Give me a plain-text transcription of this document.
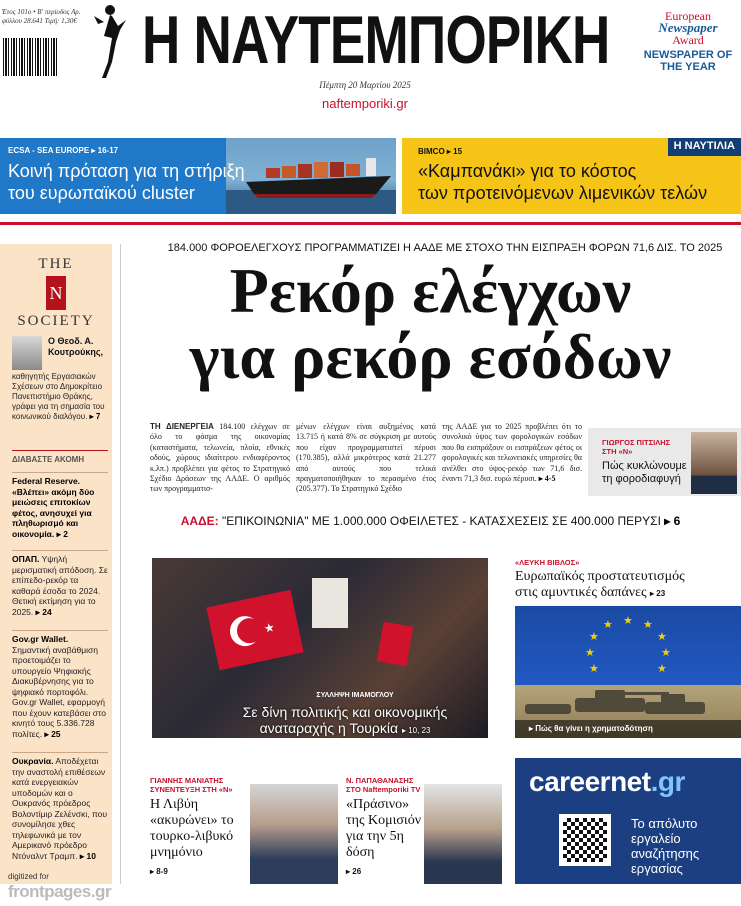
Έτος 101ο • Β' περίοδος Αρ. φύλλου 28.641 Τιμή: 1,30€ Η ΝΑΥΤΕΜΠΟΡΙΚΗ
Πέμπτη 20 Μαρτίου 2025
naftemporiki.gr
European
Newspaper
Award
NEWSPAPER OF THE YEAR
ECSA - SEA EUROPE ▸ 16-17
Κοινή πρόταση για τη στήριξη
του ευρωπαϊκού cluster
Η ΝΑΥΤΙΛΙΑ
BIMCO ▸ 15
«Καμπανάκι» για το κόστος
των προτεινόμενων λιμενικών τελών
THE
N
SOCIETY
Ο Θεοδ. Α. Κουτρούκης,
καθηγητής Εργασιακών Σχέσεων στο Δημοκρίτειο Πανεπιστήμιο Θράκης, γράφει για τη σημασία του κοινωνικού διαλόγου. ▸ 7
ΔΙΑΒΑΣΤΕ ΑΚΟΜΗ
Federal Reserve. «Βλέπει» ακόμη δύο μειώσεις επιτοκίων φέτος, ανησυχεί για πληθωρισμό και οικονομία. ▸ 2
ΟΠΑΠ. Υψηλή μερισματική απόδοση. Σε επίπεδο-ρεκόρ τα καθαρά έσοδα το 2024. Θετική εκτίμηση για το 2025. ▸ 24
Gov.gr Wallet. Σημαντική αναβάθμιση προετοιμάζει το υπουργείο Ψηφιακής Διακυβέρνησης για το ψηφιακό πορτοφόλι. Gov.gr Wallet, εφαρμογή που έχουν κατεβάσει στο κινητό τους 5.336.728 πολίτες. ▸ 25
Ουκρανία. Αποδέχεται την αναστολή επιθέσεων κατά ενεργειακών υποδομών και ο Ουκρανός πρόεδρος Βολοντίμιρ Ζελένσκι, που συνομίλησε χθες τηλεφωνικά με τον Αμερικανό πρόεδρο Ντόναλντ Τραμπ. ▸ 10
184.000 ΦΟΡΟΕΛΕΓΧΟΥΣ ΠΡΟΓΡΑΜΜΑΤΙΖΕΙ Η ΑΑΔΕ ΜΕ ΣΤΟΧΟ ΤΗΝ ΕΙΣΠΡΑΞΗ ΦΟΡΩΝ 71,6 ΔΙΣ. ΤΟ 2025
Ρεκόρ ελέγχων
για ρεκόρ εσόδων
ΤΗ ΔΙΕΝΕΡΓΕΙΑ 184.100 ελέγχων σε όλο το φάσμα της οικονομίας (καταστήματα, τελωνεία, πλοία, εθνικές οδούς, χώρους ιδιαίτερου ενδιαφέροντος κ.λπ.) προβλέπει για φέτος το Στρατηγικό Σχέδιο Δράσεων της ΑΑΔΕ. Ο αριθμός των προγραμματισ-
μένων ελέγχων είναι αυξημένος κατά 13.715 ή κατά 8% σε σύγκριση με αυτούς που είχαν προγραμματιστεί πέρυσι (170.385), αλλά μικρότερος κατά 21.277 από αυτούς που τελικά πραγματοποιήθηκαν το περασμένο έτος (205.377). Το Στρατηγικό Σχέδιο
της ΑΑΔΕ για το 2025 προβλέπει ότι το συνολικό ύψος των φορολογικών εσόδων που θα εισπράξουν οι εισπράξεων φέτος οι φορολογικές και τελωνειακές υπηρεσίες θα ανέλθει στο ύψος-ρεκόρ των 71,6 δισ. έναντι 71,3 δισ. ευρώ πέρυσι. ▸ 4-5
ΓΙΩΡΓΟΣ ΠΙΤΣΙΛΗΣ
ΣΤΗ «Ν»
Πώς κυκλώνουμε
τη φοροδιαφυγή
ΑΑΔΕ: "ΕΠΙΚΟΙΝΩΝΙΑ" ΜΕ 1.000.000 ΟΦΕΙΛΕΤΕΣ - ΚΑΤΑΣΧΕΣΕΙΣ ΣΕ 400.000 ΠΕΡΥΣΙ ▸ 6
★
ΣΥΛΛΗΨΗ ΙΜΑΜΟΓΛΟΥ
Σε δίνη πολιτικής και οικονομικής
αναταραχής η Τουρκία ▸ 10, 23
«ΛΕΥΚΗ ΒΙΒΛΟΣ»
Ευρωπαϊκός προστατευτισμός
στις αμυντικές δαπάνες ▸ 23
★ ★
★
★
★
★
★
★
★
▸ Πώς θα γίνει η χρηματοδότηση
ΓΙΑΝΝΗΣ ΜΑΝΙΑΤΗΣ
ΣΥΝΕΝΤΕΥΞΗ ΣΤΗ «Ν»
Η Λιβύη «ακυρώνει» το τουρκο-λιβυκό μνημόνιο
▸ 8-9
Ν. ΠΑΠΑΘΑΝΑΣΗΣ
ΣΤΟ Naftemporiki TV
«Πράσινο» της Κομισιόν για την 5η δόση
▸ 26
careernet.gr
Το απόλυτο
εργαλείο
αναζήτησης
εργασίας
digitized for
frontpages.gr
